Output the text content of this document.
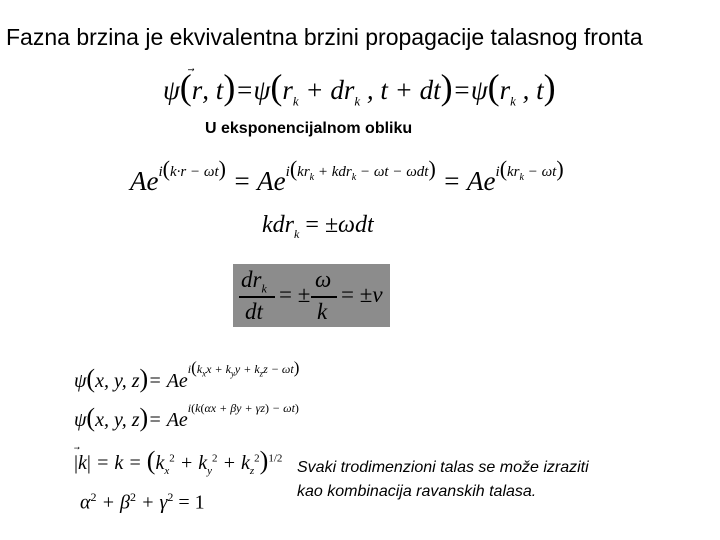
Fazna brzina je ekvivalentna brzini propagacije talasnog fronta
ψ(r, $t)=\psi(r_k + dr_k$ , $t + dt)=\psi(r_k$ , t)
U eksponencijalnom obliku
$Ae^{i(k\cdot r - \omega t)} = Ae^{i(kr_k + kdr_k - \omega t - \omega dt)} = Ae^{i(kr_k - \omega t)}$
kdr$_k$ = ±ωdt
$dr_k$
dt
= ±
ω
k
= ±v
ψ(x, y, $z)= Ae^{i(k_xx + k_yy + k_zz - \omega t)}$
ψ(x, y, $z)= Ae^{i(k(\alpha x + \beta y + \gamma z) - \omega t)}$
$|k| = k = (k_x^2 + k_y^2 + k_z^2)^{1/2}$
$\alpha^2 + \beta^2 + \gamma^2 = 1$
Svaki trodimenzioni talas se može izraziti
kao kombinacija ravanskih talasa.
